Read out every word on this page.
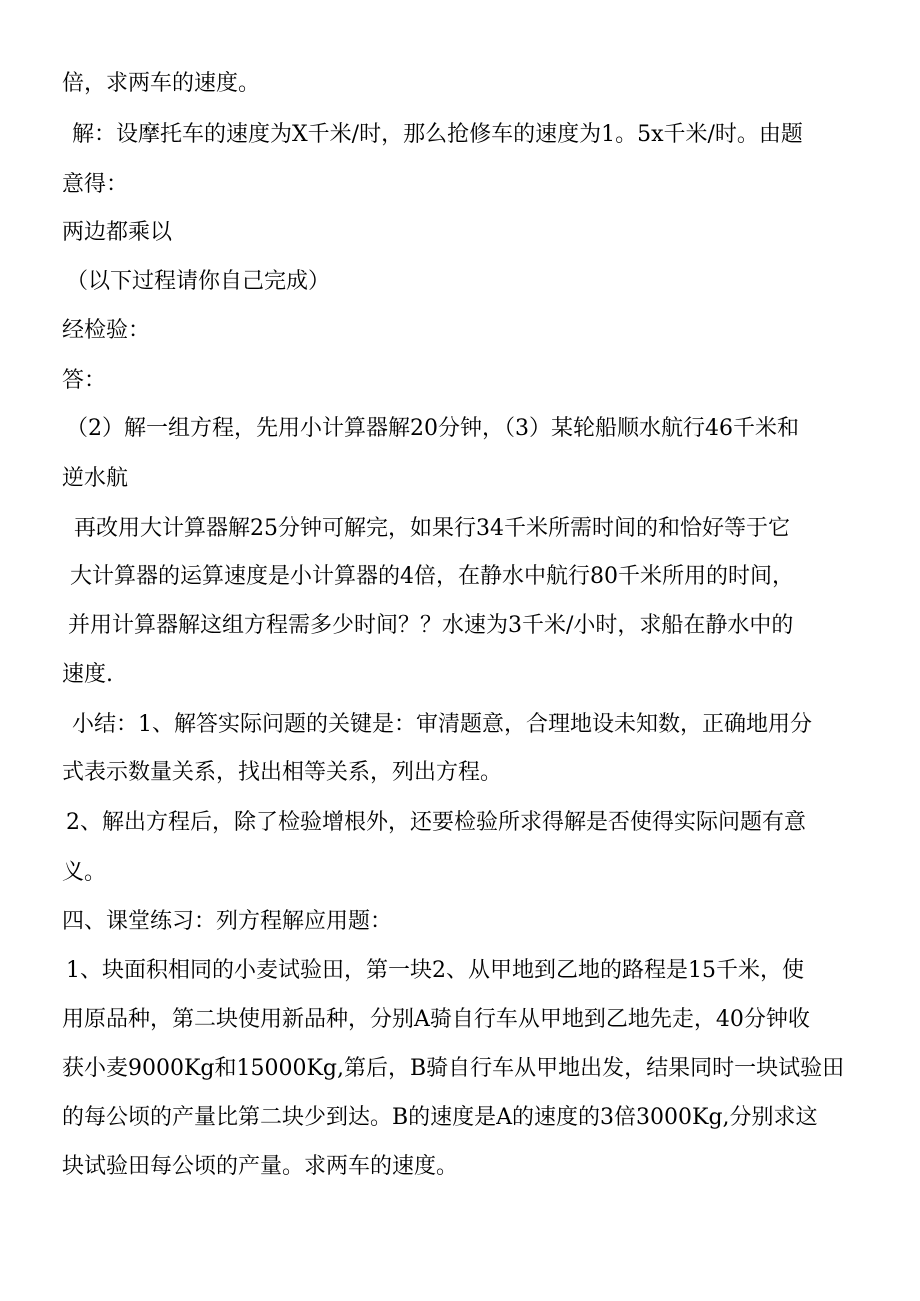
倍，求两车的速度。
解：设摩托车的速度为X千米/时，那么抢修车的速度为1。5x千米/时。由题
意得：
两边都乘以
（以下过程请你自己完成）
经检验：
答：
（2）解一组方程，先用小计算器解20分钟，（3）某轮船顺水航行46千米和
逆水航
再改用大计算器解25分钟可解完，如果行34千米所需时间的和恰好等于它
大计算器的运算速度是小计算器的4倍，在静水中航行80千米所用的时间，
并用计算器解这组方程需多少时间？？水速为3千米/小时，求船在静水中的
速度.
小结：1、解答实际问题的关键是：审清题意，合理地设未知数，正确地用分
式表示数量关系，找出相等关系，列出方程。
2、解出方程后，除了检验增根外，还要检验所求得解是否使得实际问题有意
义。
四、课堂练习：列方程解应用题：
1、块面积相同的小麦试验田，第一块2、从甲地到乙地的路程是15千米，使
用原品种，第二块使用新品种，分别A骑自行车从甲地到乙地先走，40分钟收
获小麦9000Kg和15000Kg,第后，B骑自行车从甲地出发，结果同时一块试验田
的每公顷的产量比第二块少到达。B的速度是A的速度的3倍3000Kg,分别求这
块试验田每公顷的产量。求两车的速度。
